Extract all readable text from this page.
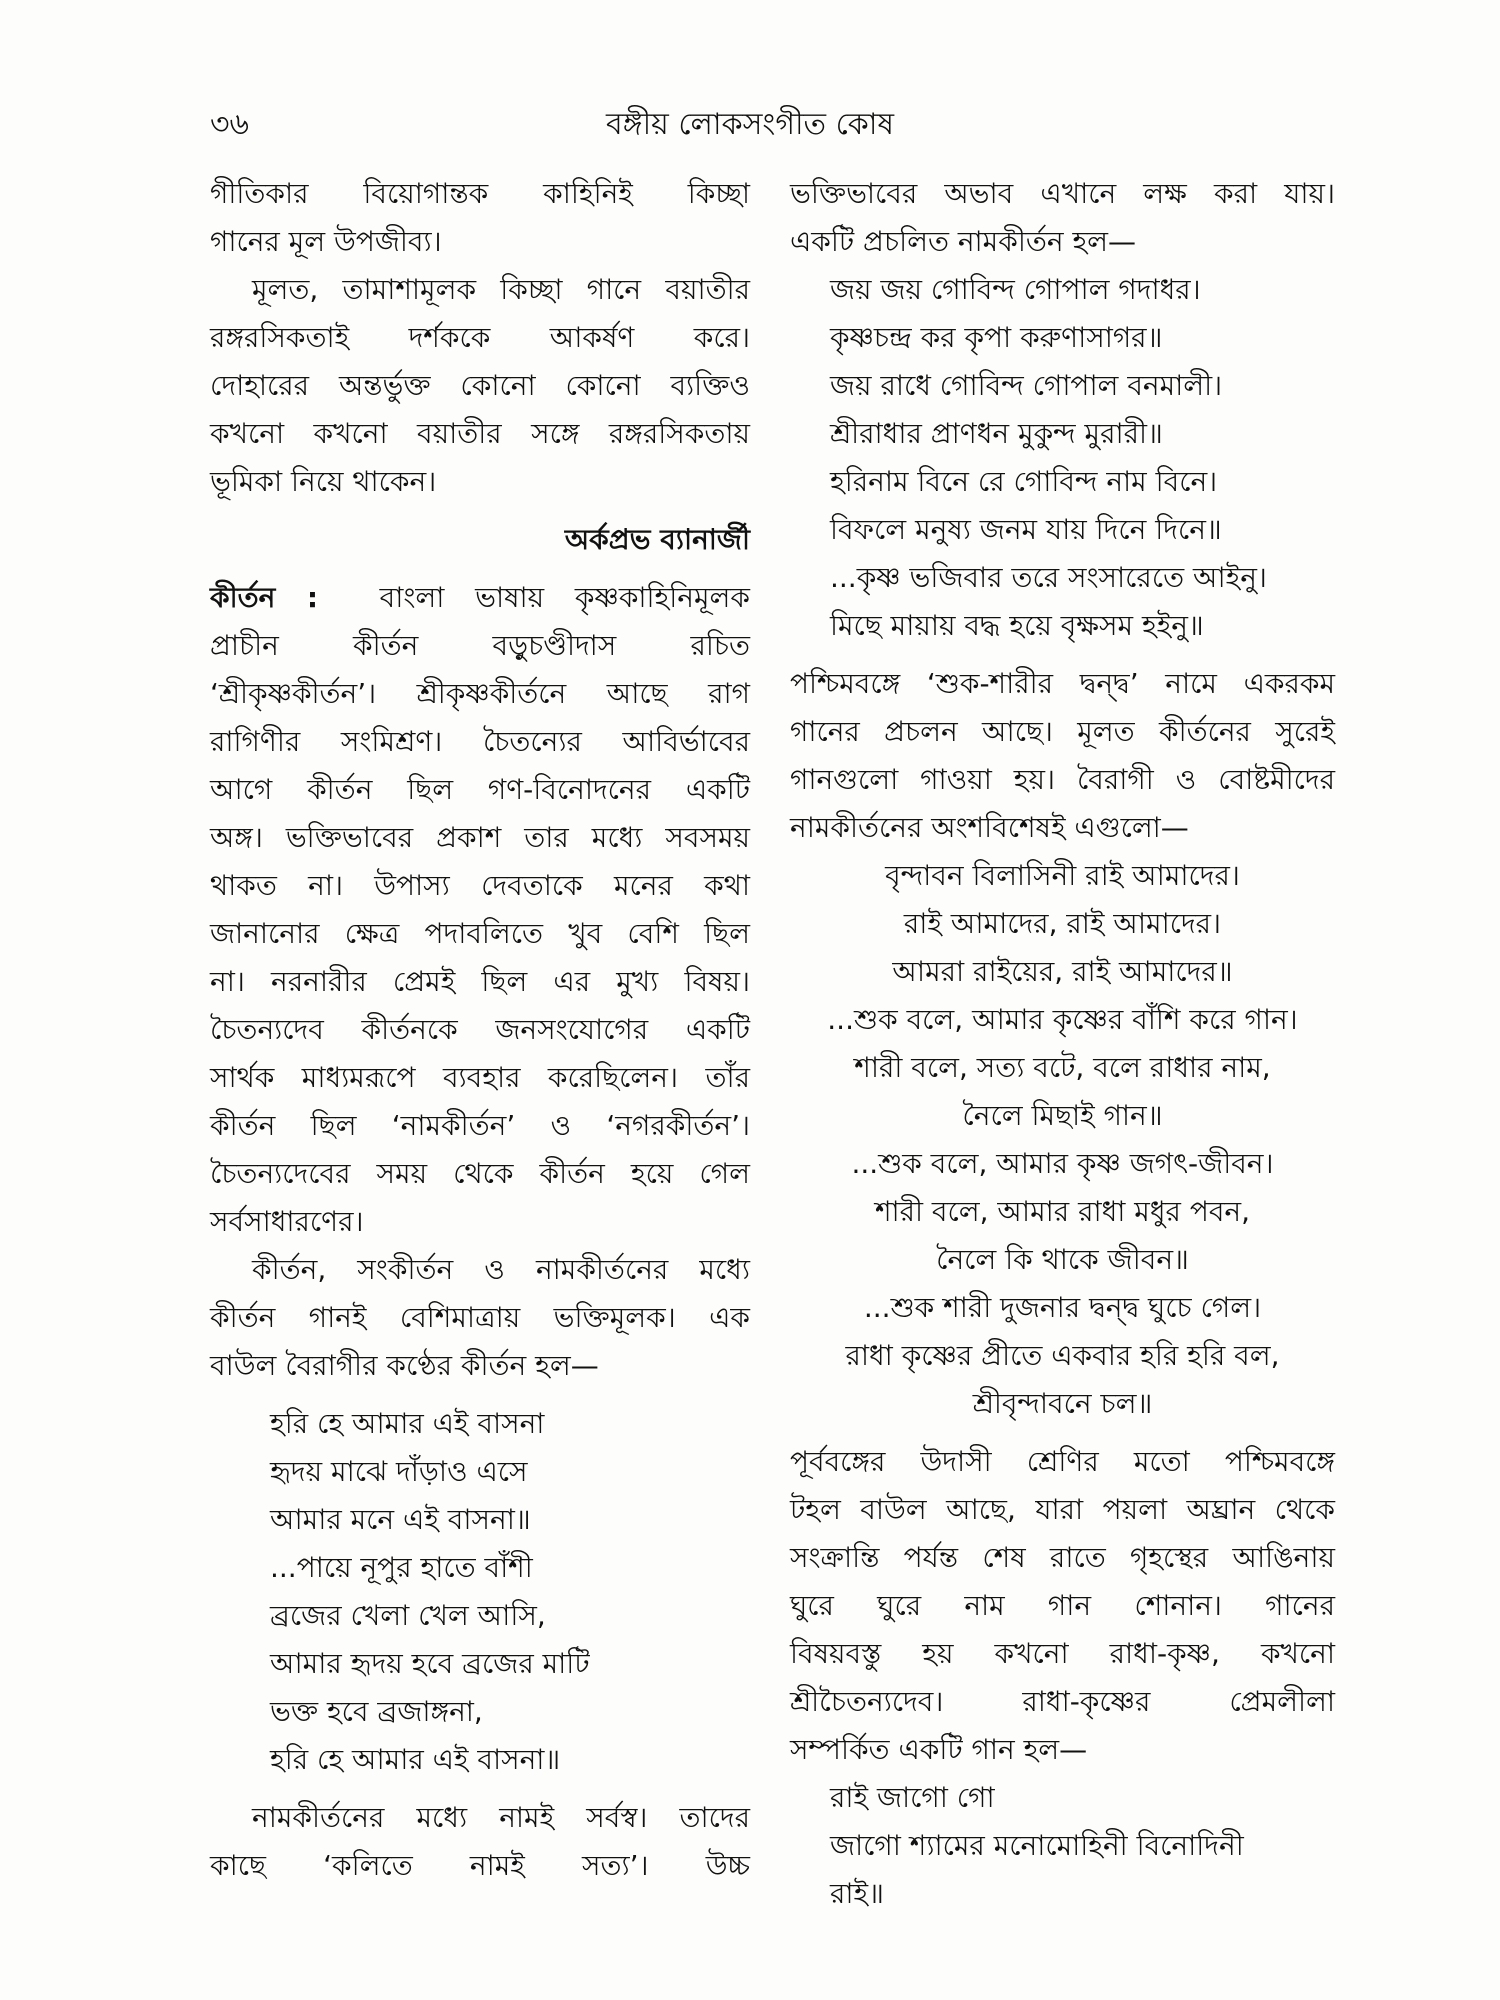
৩৬	বঙ্গীয় লোকসংগীত কোষ

গীতিকার বিয়োগান্তক কাহিনিই কিচ্ছা

গানের মূল উপজীব্য।

মূলত, তামাশামূলক কিচ্ছা গানে বয়াতীর

রঙ্গরসিকতাই দর্শককে আকর্ষণ করে।

দোহারের অন্তর্ভুক্ত কোনো কোনো ব্যক্তিও

কখনো কখনো বয়াতীর সঙ্গে রঙ্গরসিকতায়

ভূমিকা নিয়ে থাকেন।

অর্কপ্রভ ব্যানার্জী

কীর্তন : বাংলা ভাষায় কৃষ্ণকাহিনিমূলক

প্রাচীন কীর্তন বড়ুচণ্ডীদাস রচিত

‘শ্রীকৃষ্ণকীর্তন’। শ্রীকৃষ্ণকীর্তনে আছে রাগ

রাগিণীর সংমিশ্রণ। চৈতন্যের আবির্ভাবের

আগে কীর্তন ছিল গণ-বিনোদনের একটি

অঙ্গ। ভক্তিভাবের প্রকাশ তার মধ্যে সবসময়

থাকত না। উপাস্য দেবতাকে মনের কথা

জানানোর ক্ষেত্র পদাবলিতে খুব বেশি ছিল

না। নরনারীর প্রেমই ছিল এর মুখ্য বিষয়।

চৈতন্যদেব কীর্তনকে জনসংযোগের একটি

সার্থক মাধ্যমরূপে ব্যবহার করেছিলেন। তাঁর

কীর্তন ছিল ‘নামকীর্তন’ ও ‘নগরকীর্তন’।

চৈতন্যদেবের সময় থেকে কীর্তন হয়ে গেল

সর্বসাধারণের।

কীর্তন, সংকীর্তন ও নামকীর্তনের মধ্যে

কীর্তন গানই বেশিমাত্রায় ভক্তিমূলক। এক

বাউল বৈরাগীর কণ্ঠের কীর্তন হল—

হরি হে আমার এই বাসনা

হৃদয় মাঝে দাঁড়াও এসে

আমার মনে এই বাসনা॥

...পায়ে নূপুর হাতে বাঁশী

ব্রজের খেলা খেল আসি,

আমার হৃদয় হবে ব্রজের মাটি

ভক্ত হবে ব্রজাঙ্গনা,

হরি হে আমার এই বাসনা॥

নামকীর্তনের মধ্যে নামই সর্বস্ব। তাদের

কাছে ‘কলিতে নামই সত্য’। উচ্চ

ভক্তিভাবের অভাব এখানে লক্ষ করা যায়।

একটি প্রচলিত নামকীর্তন হল—

জয় জয় গোবিন্দ গোপাল গদাধর।

কৃষ্ণচন্দ্র কর কৃপা করুণাসাগর॥

জয় রাধে গোবিন্দ গোপাল বনমালী।

শ্রীরাধার প্রাণধন মুকুন্দ মুরারী॥

হরিনাম বিনে রে গোবিন্দ নাম বিনে।

বিফলে মনুষ্য জনম যায় দিনে দিনে॥

...কৃষ্ণ ভজিবার তরে সংসারেতে আইনু।

মিছে মায়ায় বদ্ধ হয়ে বৃক্ষসম হইনু॥

পশ্চিমবঙ্গে ‘শুক-শারীর দ্বন্দ্ব’ নামে একরকম

গানের প্রচলন আছে। মূলত কীর্তনের সুরেই

গানগুলো গাওয়া হয়। বৈরাগী ও বোষ্টমীদের

নামকীর্তনের অংশবিশেষই এগুলো—

বৃন্দাবন বিলাসিনী রাই আমাদের।

রাই আমাদের, রাই আমাদের।

আমরা রাইয়ের, রাই আমাদের॥

...শুক বলে, আমার কৃষ্ণের বাঁশি করে গান।

শারী বলে, সত্য বটে, বলে রাধার নাম,

নৈলে মিছাই গান॥

...শুক বলে, আমার কৃষ্ণ জগৎ-জীবন।

শারী বলে, আমার রাধা মধুর পবন,

নৈলে কি থাকে জীবন॥

...শুক শারী দুজনার দ্বন্দ্ব ঘুচে গেল।

রাধা কৃষ্ণের প্রীতে একবার হরি হরি বল,

শ্রীবৃন্দাবনে চল॥

পূর্ববঙ্গের উদাসী শ্রেণির মতো পশ্চিমবঙ্গে

টহল বাউল আছে, যারা পয়লা অঘ্রান থেকে

সংক্রান্তি পর্যন্ত শেষ রাতে গৃহস্থের আঙিনায়

ঘুরে ঘুরে নাম গান শোনান। গানের

বিষয়বস্তু হয় কখনো রাধা-কৃষ্ণ, কখনো

শ্রীচৈতন্যদেব। রাধা-কৃষ্ণের প্রেমলীলা

সম্পর্কিত একটি গান হল—

রাই জাগো গো

জাগো শ্যামের মনোমোহিনী বিনোদিনী

রাই॥
